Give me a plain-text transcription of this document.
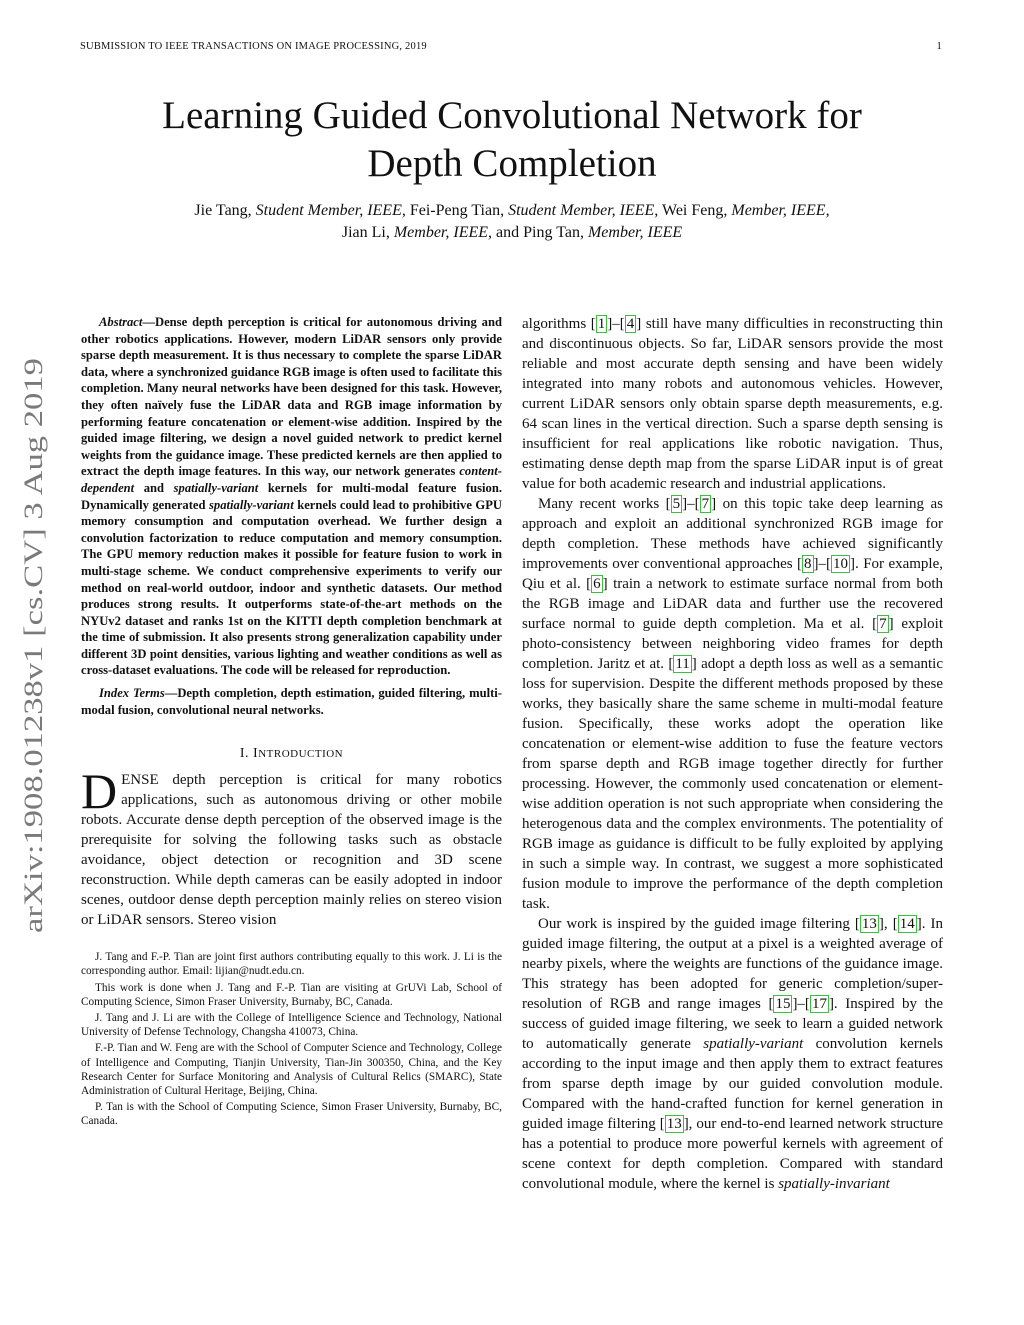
SUBMISSION TO IEEE TRANSACTIONS ON IMAGE PROCESSING, 2019	1
Learning Guided Convolutional Network for
Depth Completion
Jie Tang, Student Member, IEEE, Fei-Peng Tian, Student Member, IEEE, Wei Feng, Member, IEEE,
Jian Li, Member, IEEE, and Ping Tan, Member, IEEE
arXiv:1908.01238v1 [cs.CV] 3 Aug 2019

Abstract—Dense depth perception is critical for autonomous driving and other robotics applications. However, modern LiDAR sensors only provide sparse depth measurement. It is thus necessary to complete the sparse LiDAR data, where a synchronized guidance RGB image is often used to facilitate this completion. Many neural networks have been designed for this task. However, they often naïvely fuse the LiDAR data and RGB image information by performing feature concatenation or element-wise addition. Inspired by the guided image filtering, we design a novel guided network to predict kernel weights from the guidance image. These predicted kernels are then applied to extract the depth image features. In this way, our network generates content-dependent and spatially-variant kernels for multi-modal feature fusion. Dynamically generated spatially-variant kernels could lead to prohibitive GPU memory consumption and computation overhead. We further design a convolution factorization to reduce computation and memory consumption. The GPU memory reduction makes it possible for feature fusion to work in multi-stage scheme. We conduct comprehensive experiments to verify our method on real-world outdoor, indoor and synthetic datasets. Our method produces strong results. It outperforms state-of-the-art methods on the NYUv2 dataset and ranks 1st on the KITTI depth completion benchmark at the time of submission. It also presents strong generalization capability under different 3D point densities, various lighting and weather conditions as well as cross-dataset evaluations. The code will be released for reproduction.

Index Terms—Depth completion, depth estimation, guided filtering, multi-modal fusion, convolutional neural networks.

I. INTRODUCTION

DENSE depth perception is critical for many robotics applications, such as autonomous driving or other mobile robots. Accurate dense depth perception of the observed image is the prerequisite for solving the following tasks such as obstacle avoidance, object detection or recognition and 3D scene reconstruction. While depth cameras can be easily adopted in indoor scenes, outdoor dense depth perception mainly relies on stereo vision or LiDAR sensors. Stereo vision

J. Tang and F.-P. Tian are joint first authors contributing equally to this work. J. Li is the corresponding author. Email: lijian@nudt.edu.cn.

This work is done when J. Tang and F.-P. Tian are visiting at GrUVi Lab, School of Computing Science, Simon Fraser University, Burnaby, BC, Canada.

J. Tang and J. Li are with the College of Intelligence Science and Technology, National University of Defense Technology, Changsha 410073, China.

F.-P. Tian and W. Feng are with the School of Computer Science and Technology, College of Intelligence and Computing, Tianjin University, Tian-Jin 300350, China, and the Key Research Center for Surface Monitoring and Analysis of Cultural Relics (SMARC), State Administration of Cultural Heritage, Beijing, China.

P. Tan is with the School of Computing Science, Simon Fraser University, Burnaby, BC, Canada.

algorithms [ 1 ]–[ 4 ] still have many difficulties in reconstructing thin and discontinuous objects. So far, LiDAR sensors provide the most reliable and most accurate depth sensing and have been widely integrated into many robots and autonomous vehicles. However, current LiDAR sensors only obtain sparse depth measurements, e.g. 64 scan lines in the vertical direction. Such a sparse depth sensing is insufficient for real applications like robotic navigation. Thus, estimating dense depth map from the sparse LiDAR input is of great value for both academic research and industrial applications.

Many recent works [ 5 ]–[ 7 ] on this topic take deep learning as approach and exploit an additional synchronized RGB image for depth completion. These methods have achieved significantly improvements over conventional approaches [ 8 ]–[ 10 ]. For example, Qiu et al. [ 6 ] train a network to estimate surface normal from both the RGB image and LiDAR data and further use the recovered surface normal to guide depth completion. Ma et al. [ 7 ] exploit photo-consistency between neighboring video frames for depth completion. Jaritz et at. [ 11 ] adopt a depth loss as well as a semantic loss for supervision. Despite the different methods proposed by these works, they basically share the same scheme in multi-modal feature fusion. Specifically, these works adopt the operation like concatenation or element-wise addition to fuse the feature vectors from sparse depth and RGB image together directly for further processing. However, the commonly used concatenation or element-wise addition operation is not such appropriate when considering the heterogenous data and the complex environments. The potentiality of RGB image as guidance is difficult to be fully exploited by applying in such a simple way. In contrast, we suggest a more sophisticated fusion module to improve the performance of the depth completion task.

Our work is inspired by the guided image filtering [ 13 ], [ 14 ]. In guided image filtering, the output at a pixel is a weighted average of nearby pixels, where the weights are functions of the guidance image. This strategy has been adopted for generic completion/super-resolution of RGB and range images [ 15 ]–[ 17 ]. Inspired by the success of guided image filtering, we seek to learn a guided network to automatically generate spatially-variant convolution kernels according to the input image and then apply them to extract features from sparse depth image by our guided convolution module. Compared with the hand-crafted function for kernel generation in guided image filtering [ 13 ], our end-to-end learned network structure has a potential to produce more powerful kernels with agreement of scene context for depth completion. Compared with standard convolutional module, where the kernel is spatially-invariant
